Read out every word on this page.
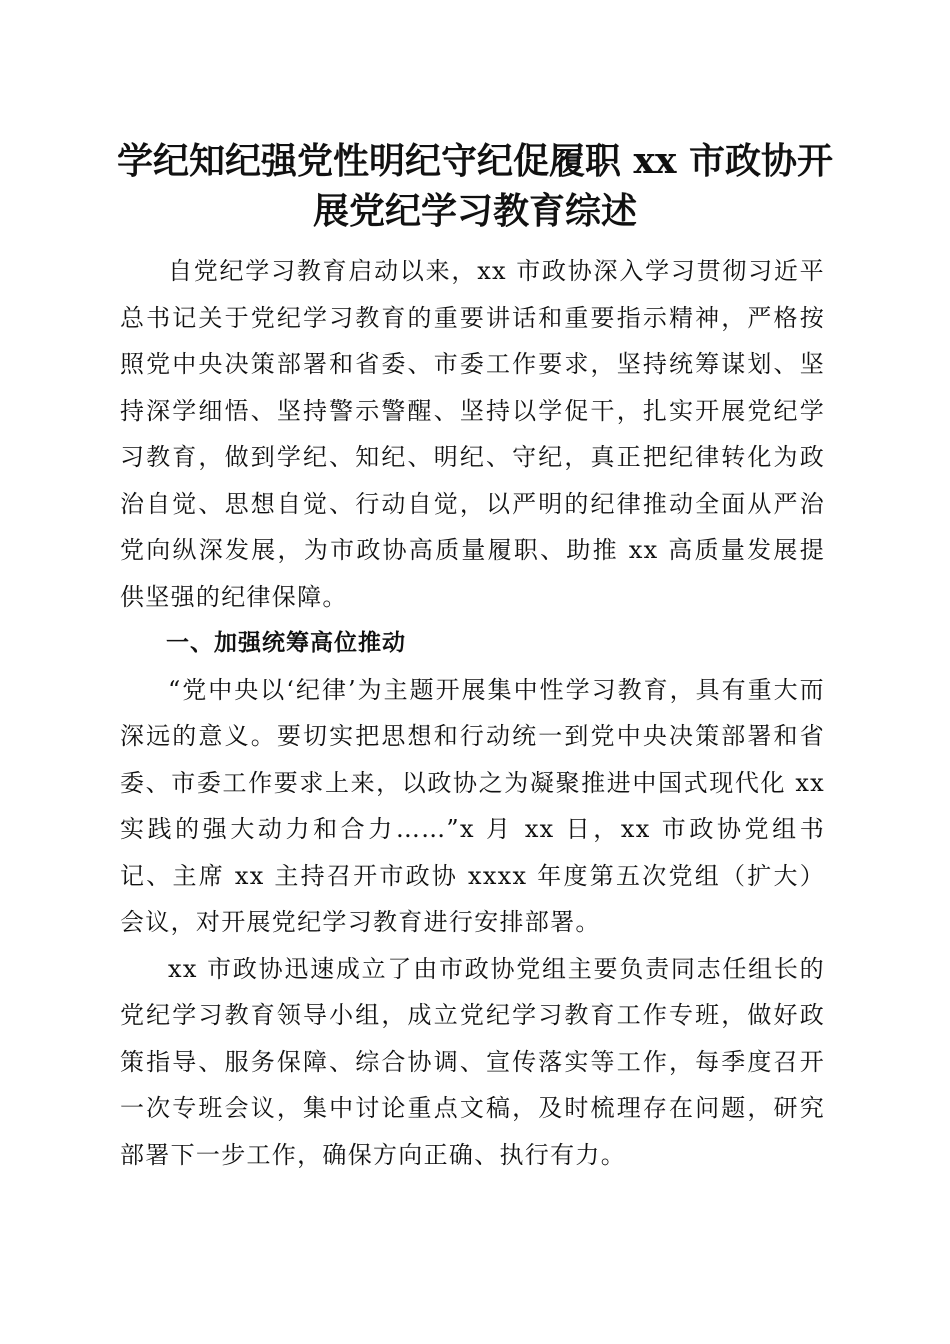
学纪知纪强党性明纪守纪促履职 xx 市政协开展党纪学习教育综述

自党纪学习教育启动以来，xx 市政协深入学习贯彻习近平总书记关于党纪学习教育的重要讲话和重要指示精神，严格按照党中央决策部署和省委、市委工作要求，坚持统筹谋划、坚持深学细悟、坚持警示警醒、坚持以学促干，扎实开展党纪学习教育，做到学纪、知纪、明纪、守纪，真正把纪律转化为政治自觉、思想自觉、行动自觉，以严明的纪律推动全面从严治党向纵深发展，为市政协高质量履职、助推 xx 高质量发展提供坚强的纪律保障。

一、加强统筹高位推动

“党中央以‘纪律’为主题开展集中性学习教育，具有重大而深远的意义。要切实把思想和行动统一到党中央决策部署和省委、市委工作要求上来，以政协之为凝聚推进中国式现代化 xx 实践的强大动力和合力……”x 月 xx 日，xx 市政协党组书记、主席 xx 主持召开市政协 xxxx 年度第五次党组（扩大）会议，对开展党纪学习教育进行安排部署。

xx 市政协迅速成立了由市政协党组主要负责同志任组长的党纪学习教育领导小组，成立党纪学习教育工作专班，做好政策指导、服务保障、综合协调、宣传落实等工作，每季度召开一次专班会议，集中讨论重点文稿，及时梳理存在问题，研究部署下一步工作，确保方向正确、执行有力。
